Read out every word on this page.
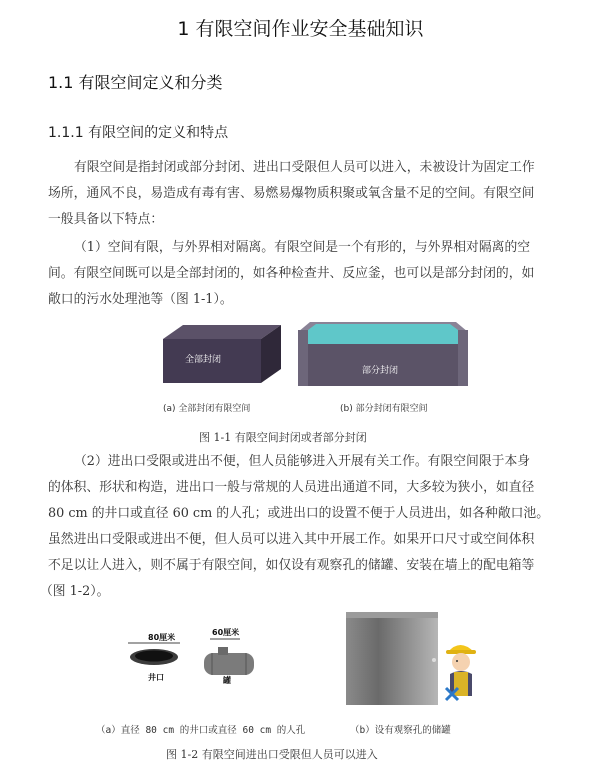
1 有限空间作业安全基础知识
1.1 有限空间定义和分类
1.1.1 有限空间的定义和特点
有限空间是指封闭或部分封闭、进出口受限但人员可以进入，未被设计为固定工作
场所，通风不良，易造成有毒有害、易燃易爆物质积聚或氧含量不足的空间。有限空间
一般具备以下特点：
（1）空间有限，与外界相对隔离。有限空间是一个有形的，与外界相对隔离的空
间。有限空间既可以是全部封闭的，如各种检查井、反应釜，也可以是部分封闭的，如
敞口的污水处理池等（图 1-1）。
全部封闭
(a) 全部封闭有限空间
部分封闭
(b) 部分封闭有限空间
图 1-1 有限空间封闭或者部分封闭
（2）进出口受限或进出不便，但人员能够进入开展有关工作。有限空间限于本身
的体积、形状和构造，进出口一般与常规的人员进出通道不同，大多较为狭小，如直径
80 cm 的井口或直径 60 cm 的人孔；或进出口的设置不便于人员进出，如各种敞口池。
虽然进出口受限或进出不便，但人员可以进入其中开展工作。如果开口尺寸或空间体积
不足以让人进入，则不属于有限空间，如仅设有观察孔的储罐、安装在墙上的配电箱等
（图 1-2）。
80厘米
60厘米
井口	罐
（a）直径 80 cm 的井口或直径 60 cm 的人孔	（b）设有观察孔的储罐
图 1-2 有限空间进出口受限但人员可以进入
